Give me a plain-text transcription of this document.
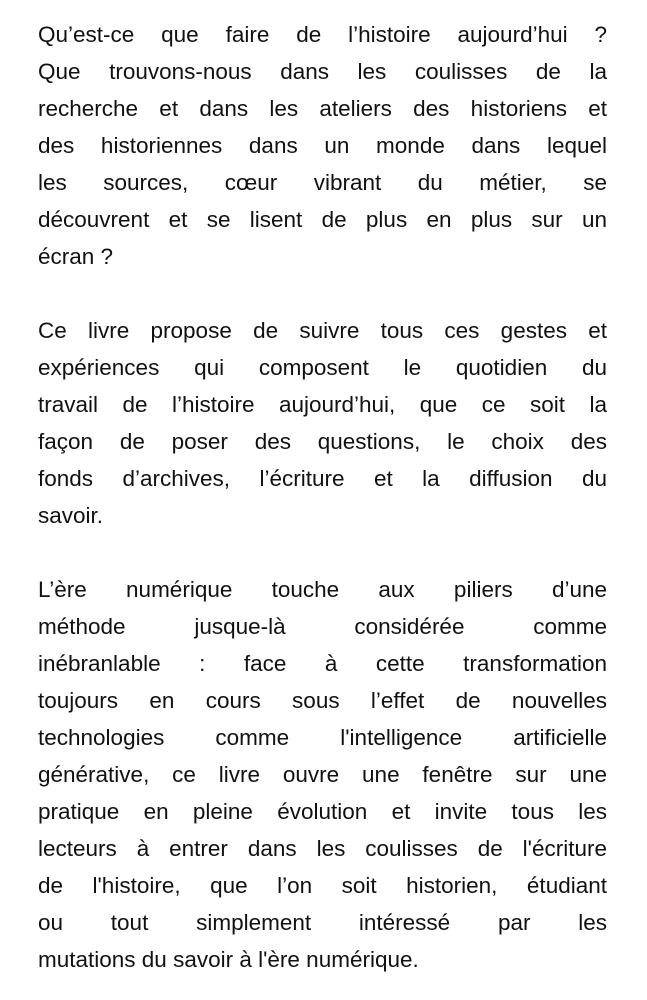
Qu’est-ce que faire de l’histoire aujourd’hui ?
Que trouvons-nous dans les coulisses de la
recherche et dans les ateliers des historiens et
des historiennes dans un monde dans lequel
les sources, cœur vibrant du métier, se
découvrent et se lisent de plus en plus sur un
écran ?
Ce livre propose de suivre tous ces gestes et
expériences qui composent le quotidien du
travail de l’histoire aujourd’hui, que ce soit la
façon de poser des questions, le choix des
fonds d’archives, l’écriture et la diffusion du
savoir.
L’ère numérique touche aux piliers d’une
méthode jusque-là considérée comme
inébranlable : face à cette transformation
toujours en cours sous l’effet de nouvelles
technologies comme l'intelligence artificielle
générative, ce livre ouvre une fenêtre sur une
pratique en pleine évolution et invite tous les
lecteurs à entrer dans les coulisses de l'écriture
de l'histoire, que l’on soit historien, étudiant
ou tout simplement intéressé par les
mutations du savoir à l'ère numérique.
